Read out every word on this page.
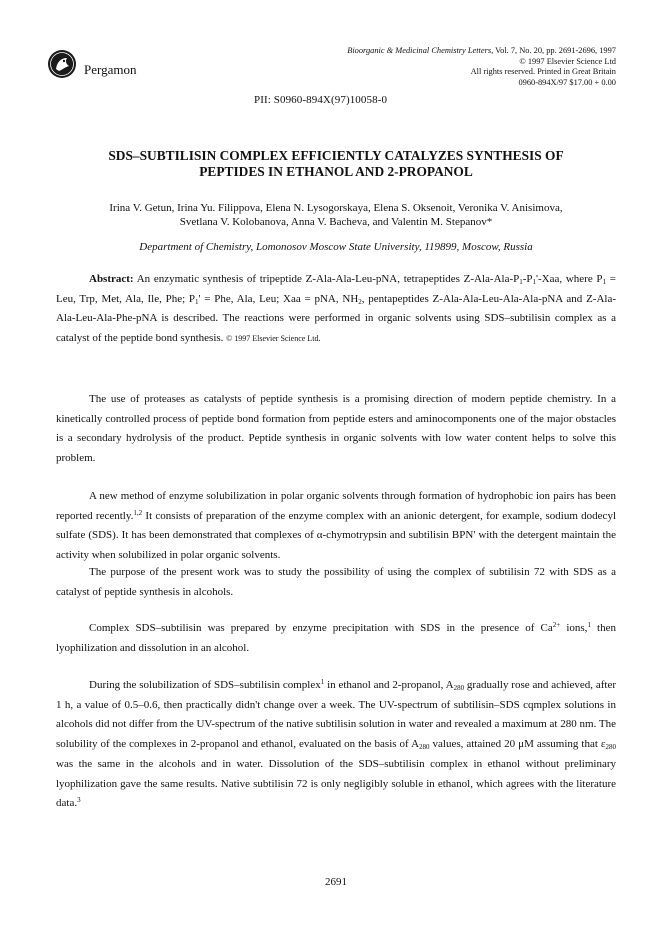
Pergamon
Bioorganic & Medicinal Chemistry Letters, Vol. 7, No. 20, pp. 2691-2696, 1997
© 1997 Elsevier Science Ltd
All rights reserved. Printed in Great Britain
0960-894X/97 $17.00 + 0.00
PII: S0960-894X(97)10058-0
SDS–SUBTILISIN COMPLEX EFFICIENTLY CATALYZES SYNTHESIS OF
PEPTIDES IN ETHANOL AND 2-PROPANOL
Irina V. Getun, Irina Yu. Filippova, Elena N. Lysogorskaya, Elena S. Oksenoit, Veronika V. Anisimova,
Svetlana V. Kolobanova, Anna V. Bacheva, and Valentin M. Stepanov*
Department of Chemistry, Lomonosov Moscow State University, 119899, Moscow, Russia

Abstract: An enzymatic synthesis of tripeptide Z-Ala-Ala-Leu-pNA, tetrapeptides $Z-Ala-Ala-P_1-P_1'$-Xaa, where $P_1$ = Leu, Trp, Met, Ala, Ile, Phe; $P_1'$ = Phe, Ala, Leu; Xaa = pNA, $NH_2$, pentapeptides Z-Ala-Ala-Leu-Ala-Ala-pNA and Z-Ala-Ala-Leu-Ala-Phe-pNA is described. The reactions were performed in organic solvents using SDS–subtilisin complex as a catalyst of the peptide bond synthesis. © 1997 Elsevier Science Ltd.

The use of proteases as catalysts of peptide synthesis is a promising direction of modern peptide chemistry. In a kinetically controlled process of peptide bond formation from peptide esters and aminocomponents one of the major obstacles is a secondary hydrolysis of the product. Peptide synthesis in organic solvents with low water content helps to solve this problem.

A new method of enzyme solubilization in polar organic solvents through formation of hydrophobic ion pairs has been reported recently.$^{1,2}$ It consists of preparation of the enzyme complex with an anionic detergent, for example, sodium dodecyl sulfate (SDS). It has been demonstrated that complexes of α-chymotrypsin and subtilisin BPN' with the detergent maintain the activity when solubilized in polar organic solvents.

The purpose of the present work was to study the possibility of using the complex of subtilisin 72 with SDS as a catalyst of peptide synthesis in alcohols.

Complex SDS–subtilisin was prepared by enzyme precipitation with SDS in the presence of $Ca^{2+}$ ions,$^1$ then lyophilization and dissolution in an alcohol.

During the solubilization of SDS–subtilisin complex$^1$ in ethanol and 2-propanol, $A_{280}$ gradually rose and achieved, after 1 h, a value of 0.5–0.6, then practically didn't change over a week. The UV-spectrum of subtilisin–SDS cqmplex solutions in alcohols did not differ from the UV-spectrum of the native subtilisin solution in water and revealed a maximum at 280 nm. The solubility of the complexes in 2-propanol and ethanol, evaluated on the basis of $A_{280}$ values, attained 20 μM assuming that $\varepsilon_{280}$ was the same in the alcohols and in water. Dissolution of the SDS–subtilisin complex in ethanol without preliminary lyophilization gave the same results. Native subtilisin 72 is only negligibly soluble in ethanol, which agrees with the literature data.$^3$

2691
